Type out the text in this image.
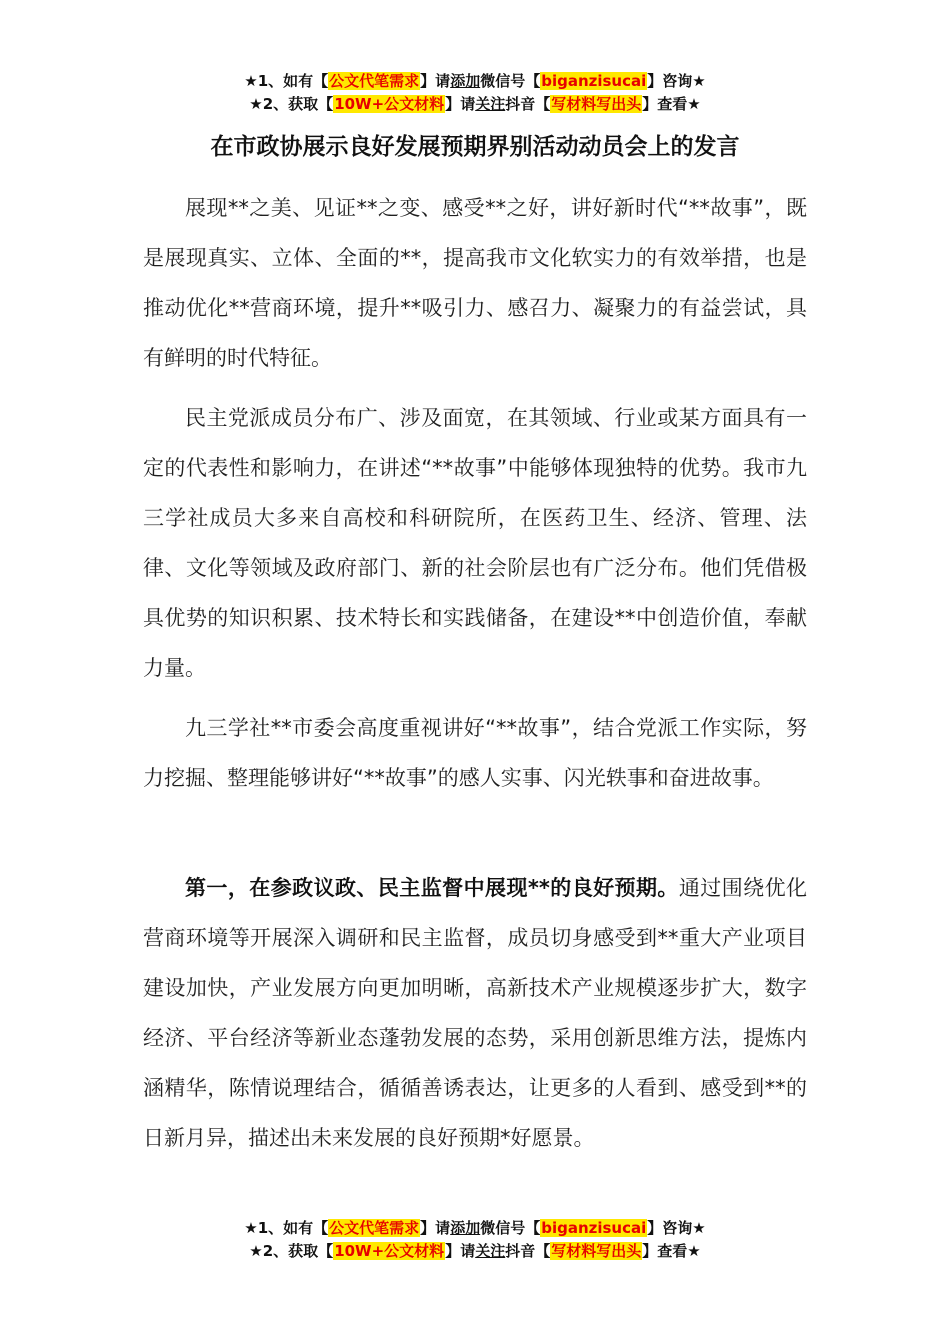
★1、如有【公文代笔需求】请添加微信号【biganzisucai】咨询★
★2、获取【10W+公文材料】请关注抖音【写材料写出头】查看★
在市政协展示良好发展预期界别活动动员会上的发言

展现**之美、见证**之变、感受**之好，讲好新时代“**故事”，既是展现真实、立体、全面的**，提高我市文化软实力的有效举措，也是推动优化**营商环境，提升**吸引力、感召力、凝聚力的有益尝试，具有鲜明的时代特征。

民主党派成员分布广、涉及面宽，在其领域、行业或某方面具有一定的代表性和影响力，在讲述“**故事”中能够体现独特的优势。我市九三学社成员大多来自高校和科研院所，在医药卫生、经济、管理、法律、文化等领域及政府部门、新的社会阶层也有广泛分布。他们凭借极具优势的知识积累、技术特长和实践储备，在建设**中创造价值，奉献力量。

九三学社**市委会高度重视讲好“**故事”，结合党派工作实际，努力挖掘、整理能够讲好“**故事”的感人实事、闪光轶事和奋进故事。

第一，在参政议政、民主监督中展现**的良好预期。通过围绕优化营商环境等开展深入调研和民主监督，成员切身感受到**重大产业项目建设加快，产业发展方向更加明晰，高新技术产业规模逐步扩大，数字经济、平台经济等新业态蓬勃发展的态势，采用创新思维方法，提炼内涵精华，陈情说理结合，循循善诱表达，让更多的人看到、感受到**的日新月异，描述出未来发展的良好预期*好愿景。

★1、如有【公文代笔需求】请添加微信号【biganzisucai】咨询★
★2、获取【10W+公文材料】请关注抖音【写材料写出头】查看★
